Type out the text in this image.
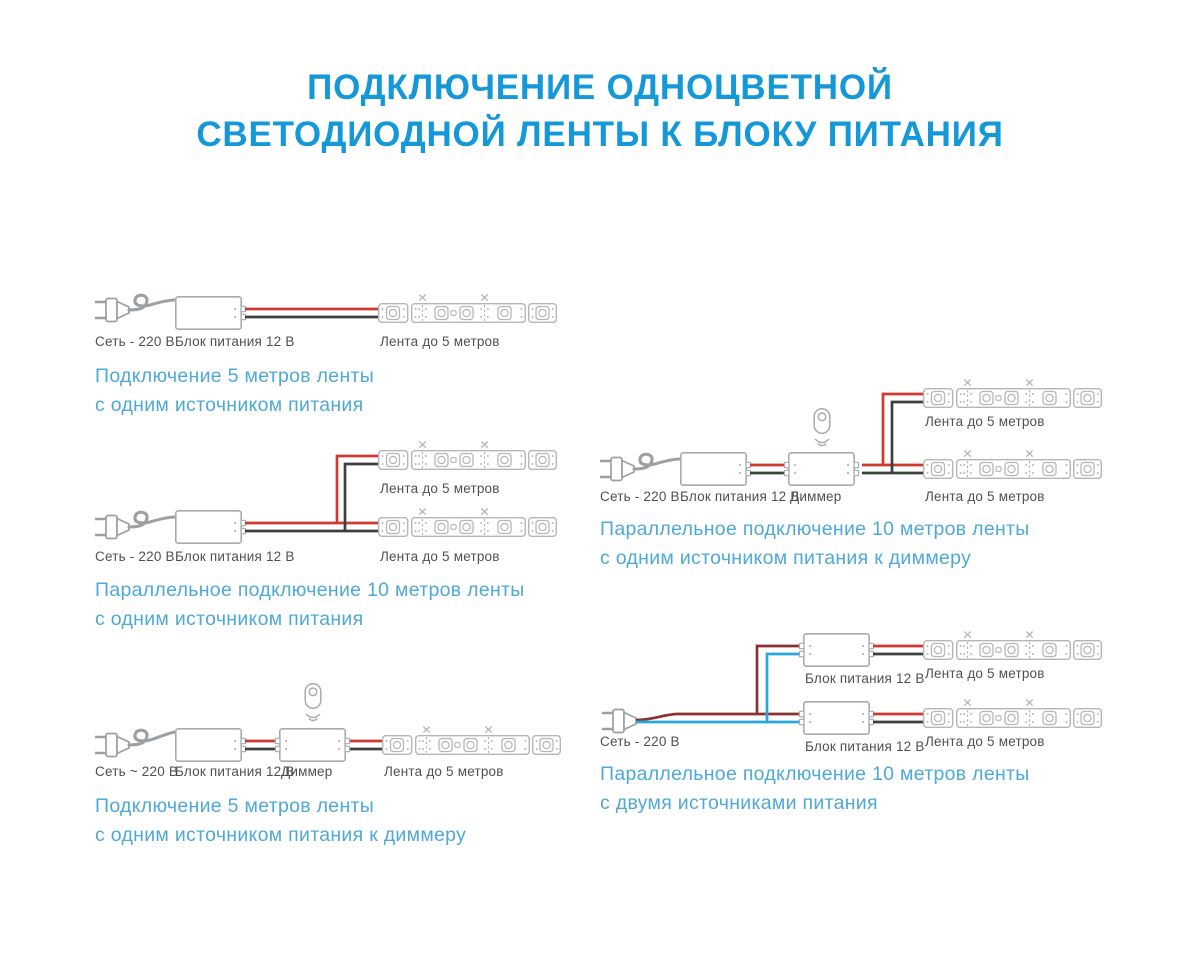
ПОДКЛЮЧЕНИЕ ОДНОЦВЕТНОЙ
СВЕТОДИОДНОЙ ЛЕНТЫ К БЛОКУ ПИТАНИЯ
Сеть - 220 В Блок питания 12 В	Лента до 5 метров
Подключение 5 метров ленты
с одним источником питания
Лента до 5 метров
Сеть - 220 В Блок питания 12 В	Лента до 5 метров
Параллельное подключение 10 метров ленты
с одним источником питания
Сеть ~ 220 В
Блок питания 12 В
Диммер	Лента до 5 метров
Подключение 5 метров ленты
с одним источником питания к диммеру
Лента до 5 метров
Сеть - 220 В Блок питания 12 В
Диммер	Лента до 5 метров
Параллельное подключение 10 метров ленты
с одним источником питания к диммеру
Лента до 5 метров
Блок питания 12 В
Сеть - 220 В	Лента до 5 метров
Блок питания 12 В
Параллельное подключение 10 метров ленты
с двумя источниками питания
